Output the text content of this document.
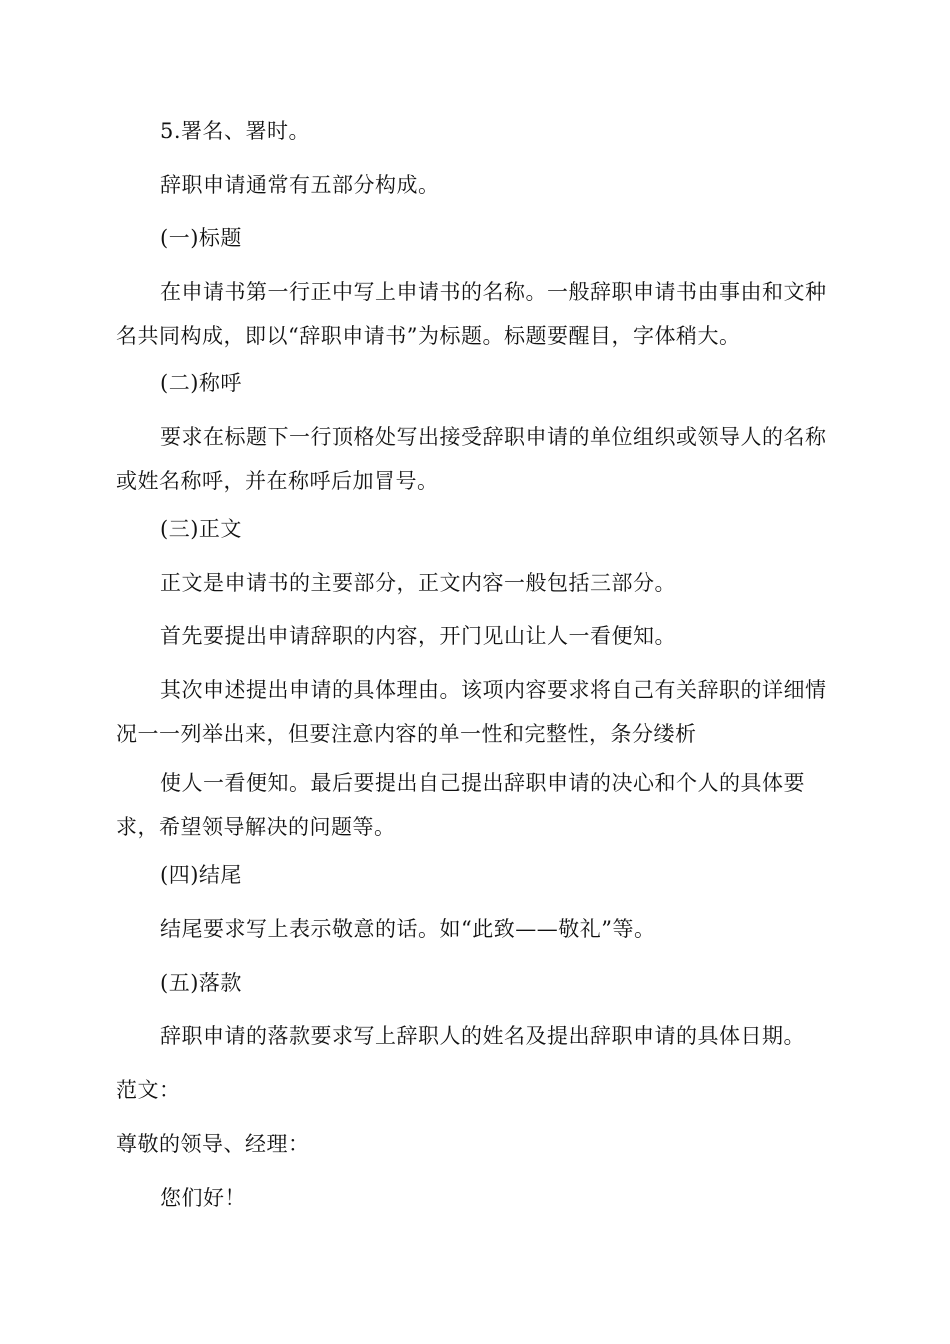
5.署名、署时。

辞职申请通常有五部分构成。

(一)标题

在申请书第一行正中写上申请书的名称。一般辞职申请书由事由和文种名共同构成，即以“辞职申请书”为标题。标题要醒目，字体稍大。

(二)称呼

要求在标题下一行顶格处写出接受辞职申请的单位组织或领导人的名称或姓名称呼，并在称呼后加冒号。

(三)正文

正文是申请书的主要部分，正文内容一般包括三部分。

首先要提出申请辞职的内容，开门见山让人一看便知。

其次申述提出申请的具体理由。该项内容要求将自己有关辞职的详细情况一一列举出来，但要注意内容的单一性和完整性，条分缕析

使人一看便知。最后要提出自己提出辞职申请的决心和个人的具体要求，希望领导解决的问题等。

(四)结尾

结尾要求写上表示敬意的话。如“此致——敬礼”等。

(五)落款

辞职申请的落款要求写上辞职人的姓名及提出辞职申请的具体日期。

范文：

尊敬的领导、经理：

您们好！
